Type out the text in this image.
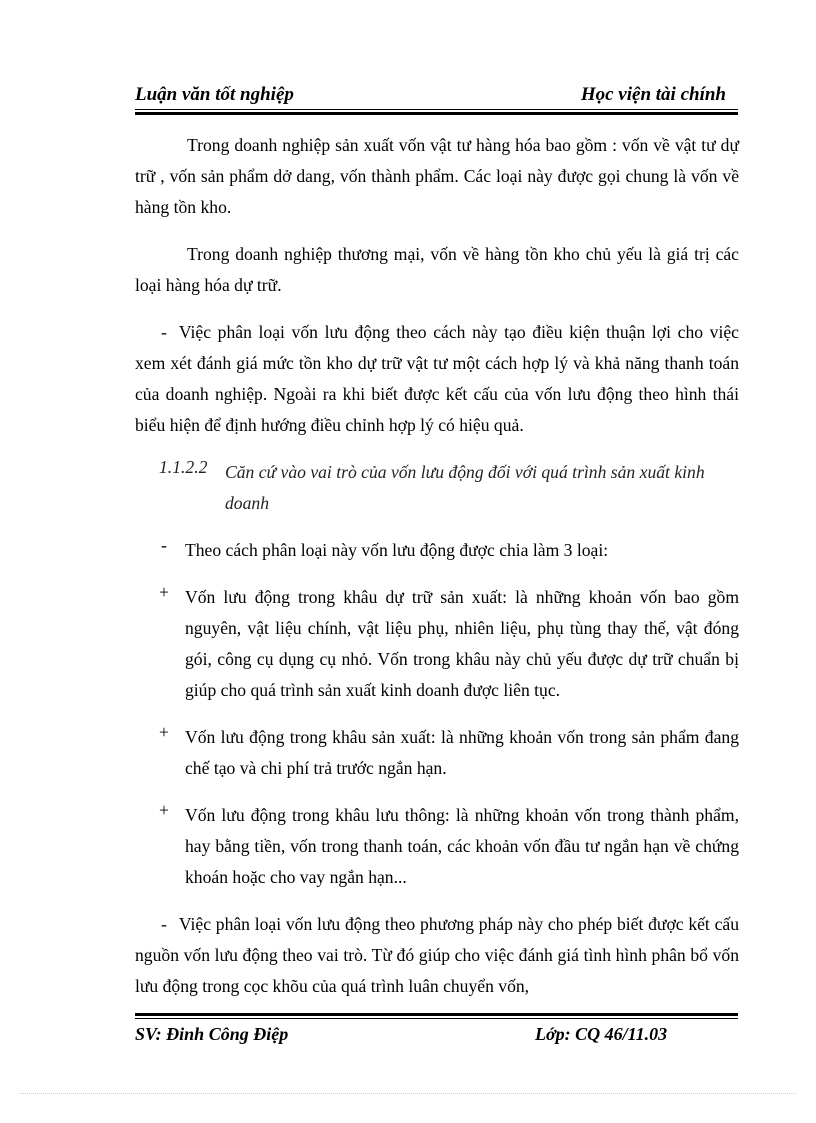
Luận văn tốt nghiệp	Học viện tài chính

Trong doanh nghiệp sản xuất vốn vật tư hàng hóa bao gồm : vốn về vật tư dự trữ , vốn sản phẩm dở dang, vốn thành phẩm. Các loại này được gọi chung là vốn về hàng tồn kho.

Trong doanh nghiệp thương mại, vốn về hàng tồn kho chủ yếu là giá trị các loại hàng hóa dự trữ.

- Việc phân loại vốn lưu động theo cách này tạo điều kiện thuận lợi cho việc xem xét đánh giá mức tồn kho dự trữ vật tư một cách hợp lý và khả năng thanh toán của doanh nghiệp. Ngoài ra khi biết được kết cấu của vốn lưu động theo hình thái biểu hiện để định hướng điều chỉnh hợp lý có hiệu quả.

1.1.2.2 Căn cứ vào vai trò của vốn lưu động đối với quá trình sản xuất kinh doanh

- Theo cách phân loại này vốn lưu động được chia làm 3 loại:

+ Vốn lưu động trong khâu dự trữ sản xuất: là những khoản vốn bao gồm nguyên, vật liệu chính, vật liệu phụ, nhiên liệu, phụ tùng thay thế, vật đóng gói, công cụ dụng cụ nhỏ. Vốn trong khâu này chủ yếu được dự trữ chuẩn bị giúp cho quá trình sản xuất kinh doanh được liên tục.

+ Vốn lưu động trong khâu sản xuất: là những khoản vốn trong sản phẩm đang chế tạo và chi phí trả trước ngắn hạn.

+ Vốn lưu động trong khâu lưu thông: là những khoản vốn trong thành phẩm, hay bằng tiền, vốn trong thanh toán, các khoản vốn đầu tư ngắn hạn về chứng khoán hoặc cho vay ngắn hạn...

- Việc phân loại vốn lưu động theo phương pháp này cho phép biết được kết cấu nguồn vốn lưu động theo vai trò. Từ đó giúp cho việc đánh giá tình hình phân bổ vốn lưu động trong cọc khõu của quá trình luân chuyển vốn,

SV: Đinh Công Điệp	Lớp: CQ 46/11.03
